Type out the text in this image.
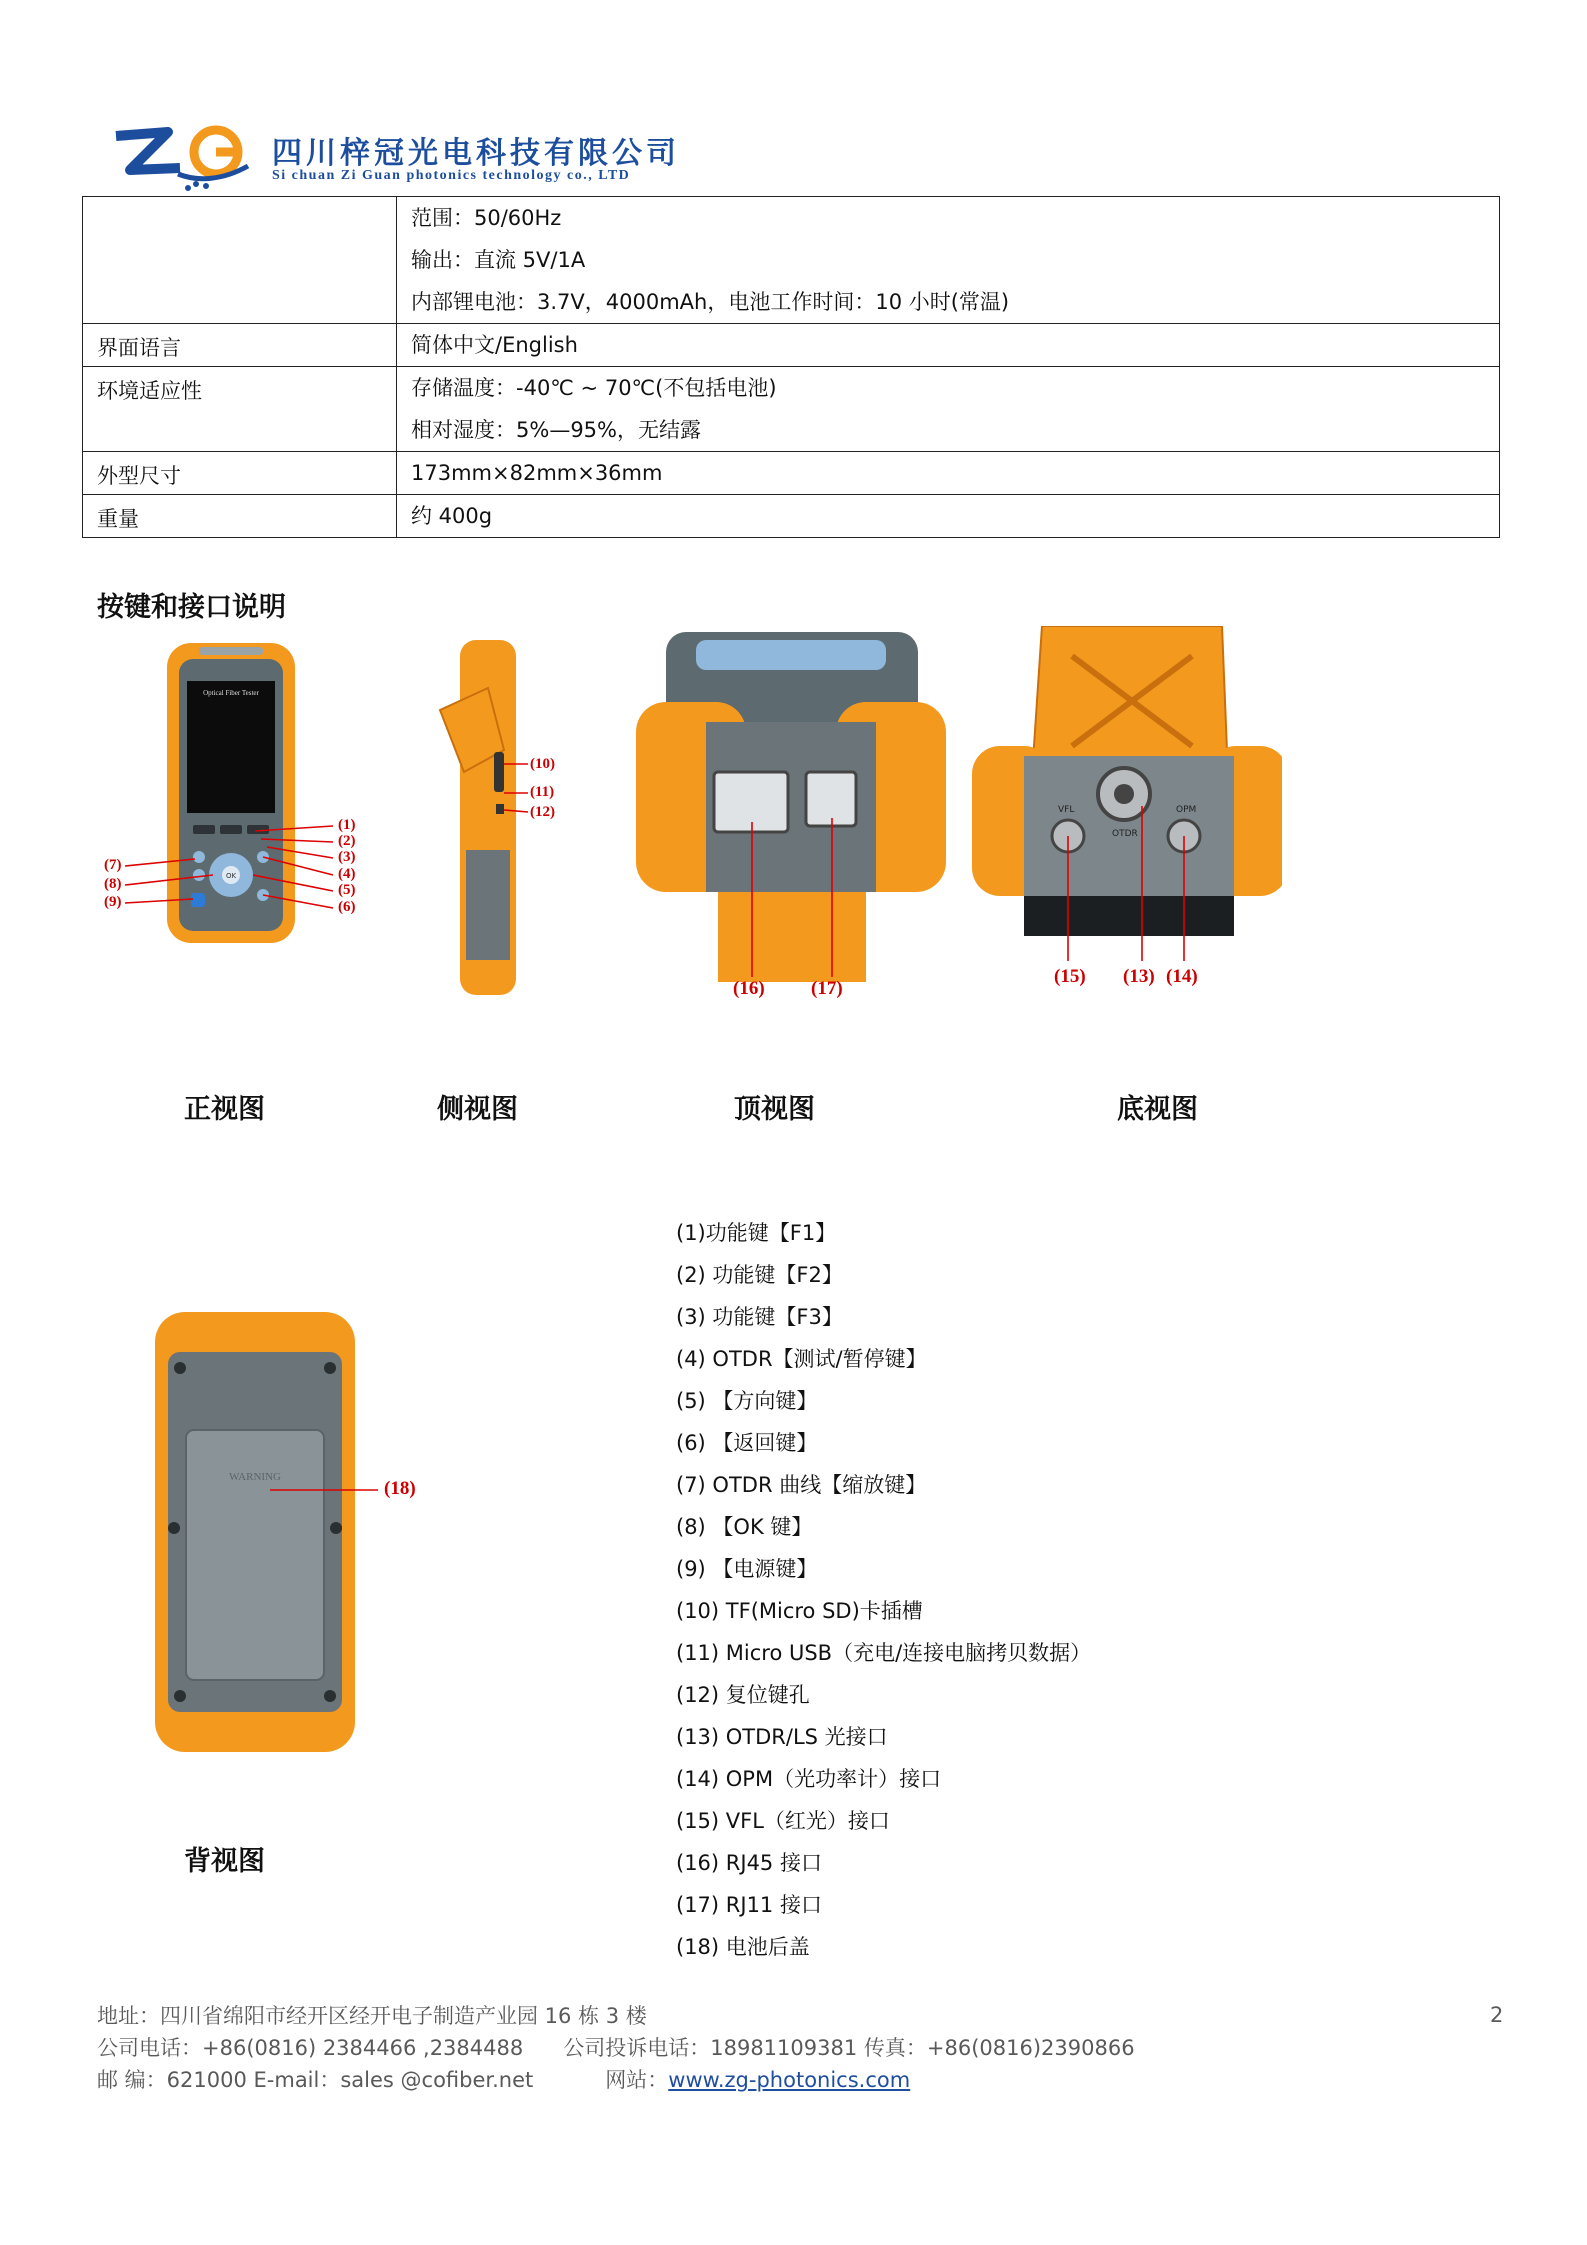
四川梓冠光电科技有限公司
Si chuan Zi Guan photonics technology co., LTD

	范围：50/60Hz
输出：直流 5V/1A
内部锂电池：3.7V，4000mAh，电池工作时间：10 小时(常温)

界面语言	简体中文/English

环境适应性	存储温度：-40℃ ~ 70℃(不包括电池)
相对湿度：5%—95%，无结露

外型尺寸	173mm×82mm×36mm

重量	约 400g
按键和接口说明
Optical Fiber Tester
OK
(1)
(2)
(3)
(4)
(5)
(6)
(7)
(8)
(9)
(10)
(11)
(12)
(16) (17)
VFL	OPM
OTDR
(15) (13) (14)
正视图	侧视图	顶视图	底视图
WARNING
(18)
背视图
(1)功能键【F1】
(2) 功能键【F2】
(3) 功能键【F3】
(4) OTDR【测试/暂停键】
(5) 【方向键】
(6) 【返回键】
(7) OTDR 曲线【缩放键】
(8) 【OK 键】
(9) 【电源键】
(10) TF(Micro SD)卡插槽
(11) Micro USB（充电/连接电脑拷贝数据）
(12) 复位键孔
(13) OTDR/LS 光接口
(14) OPM（光功率计）接口
(15) VFL（红光）接口
(16) RJ45 接口
(17) RJ11 接口
(18) 电池后盖
地址：四川省绵阳市经开区经开电子制造产业园 16 栋 3 楼
公司电话：+86(0816) 2384466 ,2384488 公司投诉电话：18981109381 传真：+86(0816)2390866
邮 编：621000 E-mail：sales @cofiber.net	网站：www.zg-photonics.com
2
